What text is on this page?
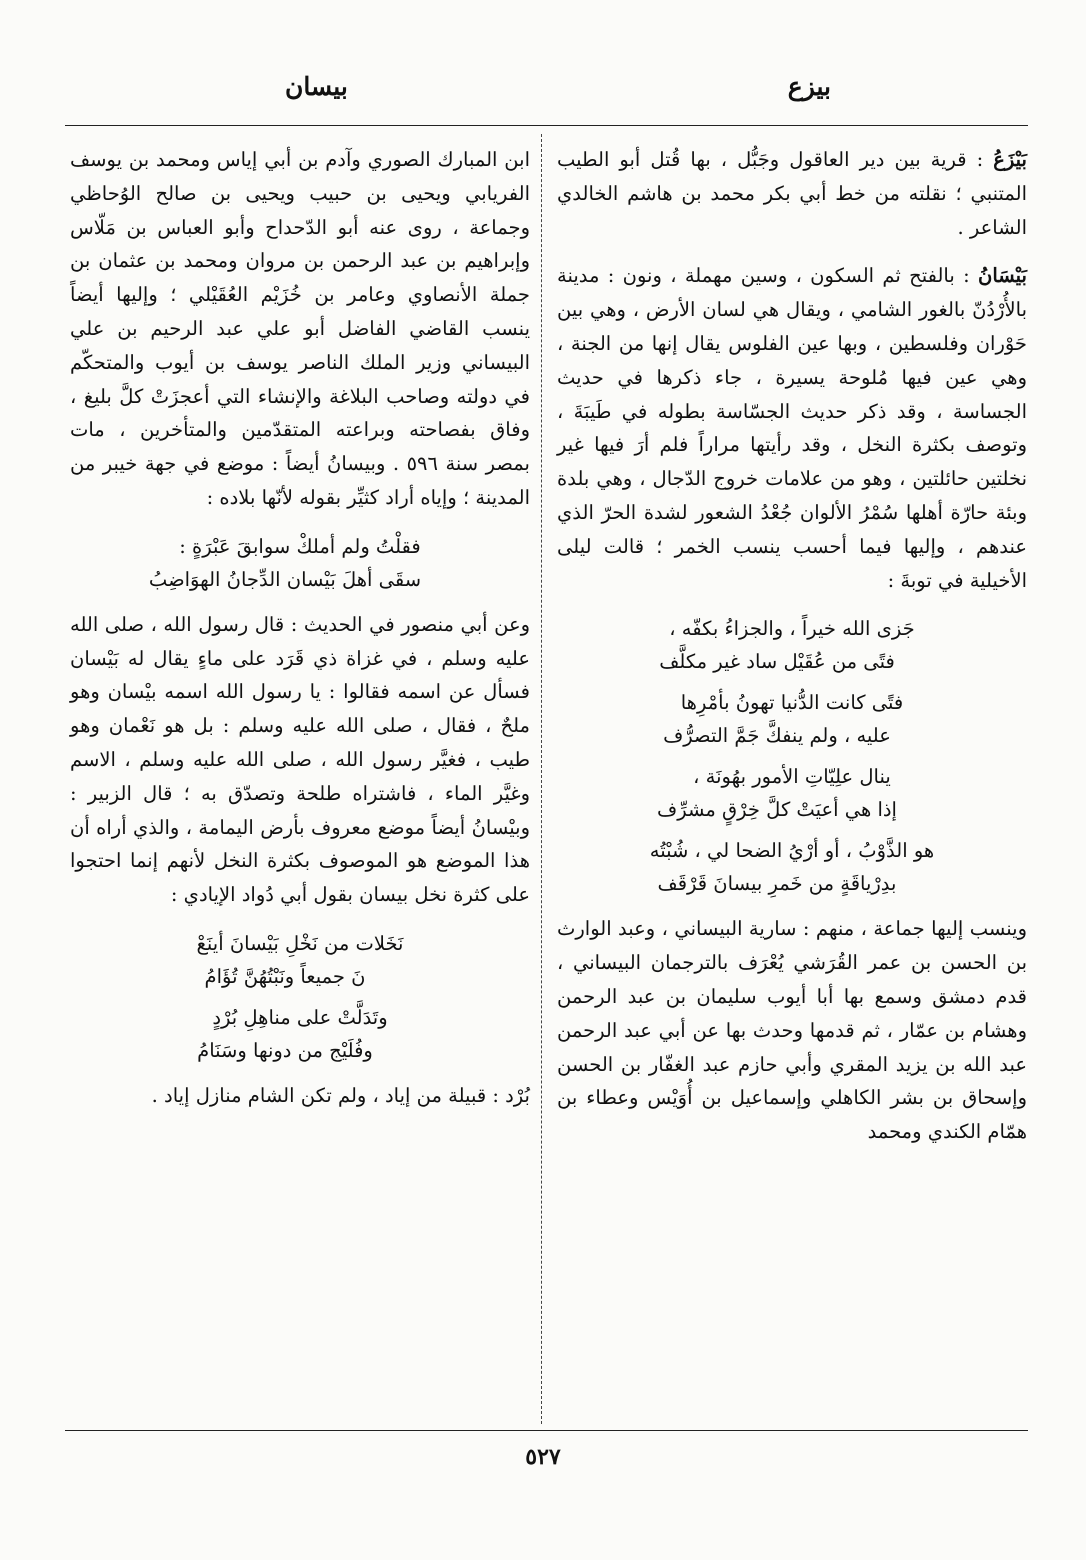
بيزع
بيسان

بَيْزَعُ : قرية بين دير العاقول وجَبُّل ، بها قُتل أبو الطيب المتنبي ؛ نقلته من خط أبي بكر محمد بن هاشم الخالدي الشاعر .

بَيْسَانُ : بالفتح ثم السكون ، وسين مهملة ، ونون : مدينة بالأُرْدُنّ بالغور الشامي ، ويقال هي لسان الأرض ، وهي بين حَوْران وفلسطين ، وبها عين الفلوس يقال إنها من الجنة ، وهي عين فيها مُلوحة يسيرة ، جاء ذكرها في حديث الجساسة ، وقد ذكر حديث الجسّاسة بطوله في طَيبَةَ ، وتوصف بكثرة النخل ، وقد رأيتها مراراً فلم أرَ فيها غير نخلتين حائلتين ، وهو من علامات خروج الدّجال ، وهي بلدة وبئة حارّة أهلها سُمْرُ الألوان جُعْدُ الشعور لشدة الحرّ الذي عندهم ، وإليها فيما أحسب ينسب الخمر ؛ قالت ليلى الأخيلية في توبةَ :

جَزى الله خيراً ، والجزاءُ بكفّه ،
فتًى من عُقَيْل ساد غير مكلَّف
فتًى كانت الدُّنيا تهونُ بأمْرِها
عليه ، ولم ينفكَّ جَمَّ التصرُّف
ينال علِيّاتِ الأمور بهُونَة ،
إذا هي أعيَتْ كلَّ خِرْقٍ مشرِّف
هو الذَّوْبُ ، أو أرْيُ الضحا لي ، شُبْتُه
بدِرْياقَةٍ من خَمرِ بيسانَ قَرْقَف

وينسب إليها جماعة ، منهم : سارية البيساني ، وعبد الوارث بن الحسن بن عمر القُرَشي يُعْرَف بالترجمان البيساني ، قدم دمشق وسمع بها أبا أيوب سليمان بن عبد الرحمن وهشام بن عمّار ، ثم قدمها وحدث بها عن أبي عبد الرحمن عبد الله بن يزيد المقري وأبي حازم عبد الغفّار بن الحسن وإسحاق بن بشر الكاهلي وإسماعيل بن أُوَيْس وعطاء بن همّام الكندي ومحمد

ابن المبارك الصوري وآدم بن أبي إياس ومحمد بن يوسف الفريابي ويحيى بن حبيب ويحيى بن صالح الوُحاظي وجماعة ، روى عنه أبو الدّحداح وأبو العباس بن مَلّاس وإبراهيم بن عبد الرحمن بن مروان ومحمد بن عثمان بن جملة الأنصاوي وعامر بن خُزَيْم العُقَيْلي ؛ وإليها أيضاً ينسب القاضي الفاضل أبو علي عبد الرحيم بن علي البيساني وزير الملك الناصر يوسف بن أيوب والمتحكّم في دولته وصاحب البلاغة والإنشاء التي أعجزَتْ كلَّ بليغ ، وفاق بفصاحته وبراعته المتقدّمين والمتأخرين ، مات بمصر سنة ٥٩٦ . وبيسانُ أيضاً : موضع في جهة خيبر من المدينة ؛ وإياه أراد كثيِّر بقوله لأنّها بلاده :

فقلْتُ ولم أملكْ سوابقَ عَبْرَةٍ :
سقَى أهلَ بَيْسان الدِّجانُ الهوَاضِبُ

وعن أبي منصور في الحديث : قال رسول الله ، صلى الله عليه وسلم ، في غزاة ذي قَرَد على ماءٍ يقال له بَيْسان فسأل عن اسمه فقالوا : يا رسول الله اسمه بيْسان وهو ملحٌ ، فقال ، صلى الله عليه وسلم : بل هو نَعْمان وهو طيب ، فغيَّر رسول الله ، صلى الله عليه وسلم ، الاسم وغيَّر الماء ، فاشتراه طلحة وتصدّق به ؛ قال الزبير : وبيْسانُ أيضاً موضع معروف بأرض اليمامة ، والذي أراه أن هذا الموضع هو الموصوف بكثرة النخل لأنهم إنما احتجوا على كثرة نخل بيسان بقول أبي دُواد الإيادي :

نَخَلات من نَخْلِ بَيْسانَ أينَعْ
نَ جميعاً ونَبْتُهُنَّ تُؤَامُ
وتَدَلَّتْ على مناهِلِ بُرْدٍ
وفُلَيْج من دونها وسَنَامُ

بُرْد : قبيلة من إياد ، ولم تكن الشام منازل إياد .

٥٢٧
